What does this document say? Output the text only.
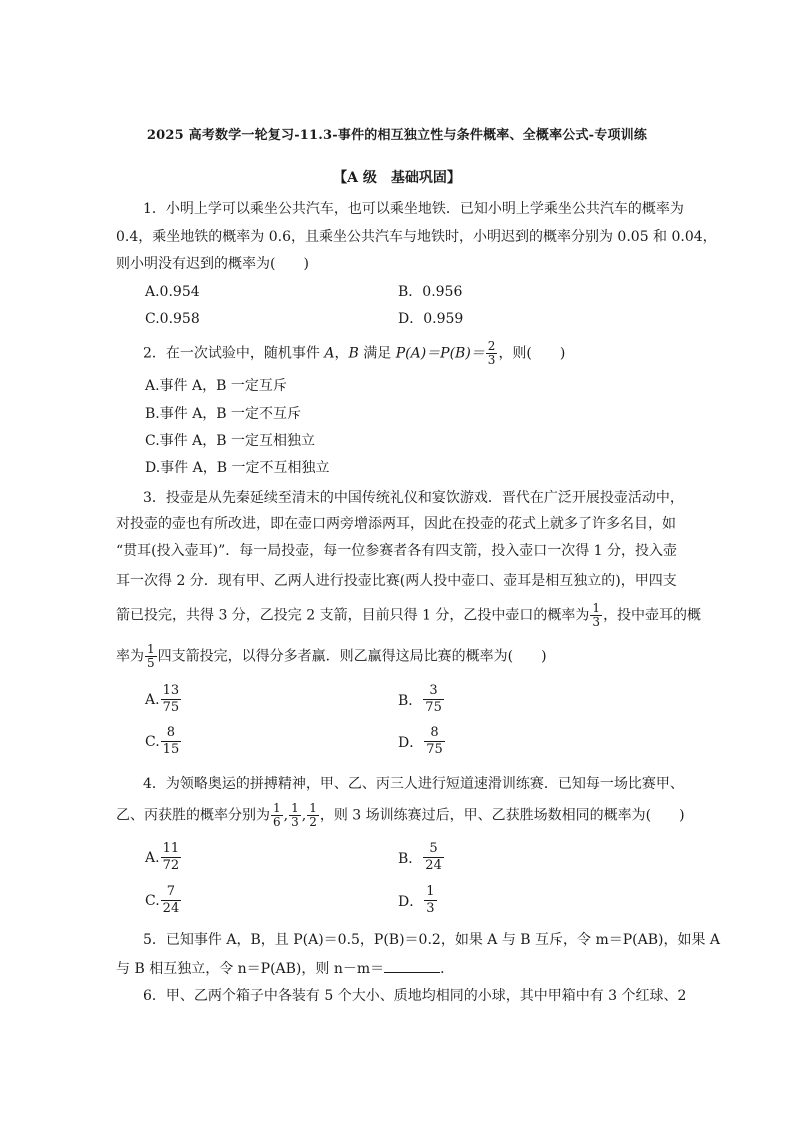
2025 高考数学一轮复习-11.3-事件的相互独立性与条件概率、全概率公式-专项训练
【A 级　基础巩固】
1．小明上学可以乘坐公共汽车，也可以乘坐地铁．已知小明上学乘坐公共汽车的概率为
0.4，乘坐地铁的概率为 0.6，且乘坐公共汽车与地铁时，小明迟到的概率分别为 0.05 和 0.04，
则小明没有迟到的概率为(　　)
A.0.954	B．0.956
C.0.958	D．0.959
2．在一次试验中，随机事件 A，B 满足 $P(A)=P(B)= \frac{2}{3}$ ，则(　　)
A.事件 A，B 一定互斥
B.事件 A，B 一定不互斥
C.事件 A，B 一定互相独立
D.事件 A，B 一定不互相独立
3．投壶是从先秦延续至清末的中国传统礼仪和宴饮游戏．晋代在广泛开展投壶活动中，
对投壶的壶也有所改进，即在壶口两旁增添两耳，因此在投壶的花式上就多了许多名目，如
“贯耳(投入壶耳)”．每一局投壶，每一位参赛者各有四支箭，投入壶口一次得 1 分，投入壶
耳一次得 2 分．现有甲、乙两人进行投壶比赛(两人投中壶口、壶耳是相互独立的)，甲四支
箭已投完，共得 3 分，乙投完 2 支箭，目前只得 1 分，乙投中壶口的概率为 $\frac{1}{3}$ ，投中壶耳的概
率为 $\frac{1}{5}$ 四支箭投完，以得分多者赢．则乙赢得这局比赛的概率为(　　)
A. $\frac{13}{75}$	B． $\frac{3}{75}$
C. $\frac{8}{15}$	D． $\frac{8}{75}$
4．为领略奥运的拼搏精神，甲、乙、丙三人进行短道速滑训练赛．已知每一场比赛甲、
乙、丙获胜的概率分别为 $\frac{1}{6}$ , $\frac{1}{3}$ , $\frac{1}{2}$ ，则 3 场训练赛过后，甲、乙获胜场数相同的概率为(　　)
A. $\frac{11}{72}$	B． $\frac{5}{24}$
C. $\frac{7}{24}$	D． $\frac{1}{3}$
5．已知事件 A，B，且 P(A)＝0.5，P(B)＝0.2，如果 A 与 B 互斥，令 m＝P(AB)，如果 A
与 B 相互独立，令 n＝P(AB)，则 n－m＝	．
6．甲、乙两个箱子中各装有 5 个大小、质地均相同的小球，其中甲箱中有 3 个红球、2
